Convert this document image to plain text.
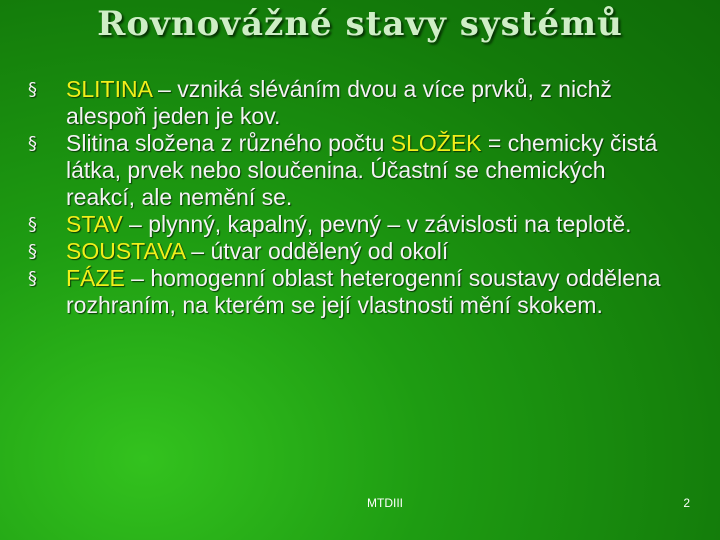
Rovnovážné stavy systémů
§	SLITINA – vzniká sléváním dvou a více prvků, z nichž alespoň jeden je kov.
§	Slitina složena z různého počtu SLOŽEK = chemicky čistá látka, prvek nebo sloučenina. Účastní se chemických reakcí, ale nemění se.
§	STAV – plynný, kapalný, pevný – v závislosti na teplotě.
§	SOUSTAVA – útvar oddělený od okolí
§	FÁZE – homogenní oblast heterogenní soustavy oddělena rozhraním, na kterém se její vlastnosti mění skokem.
MTDIII	2
